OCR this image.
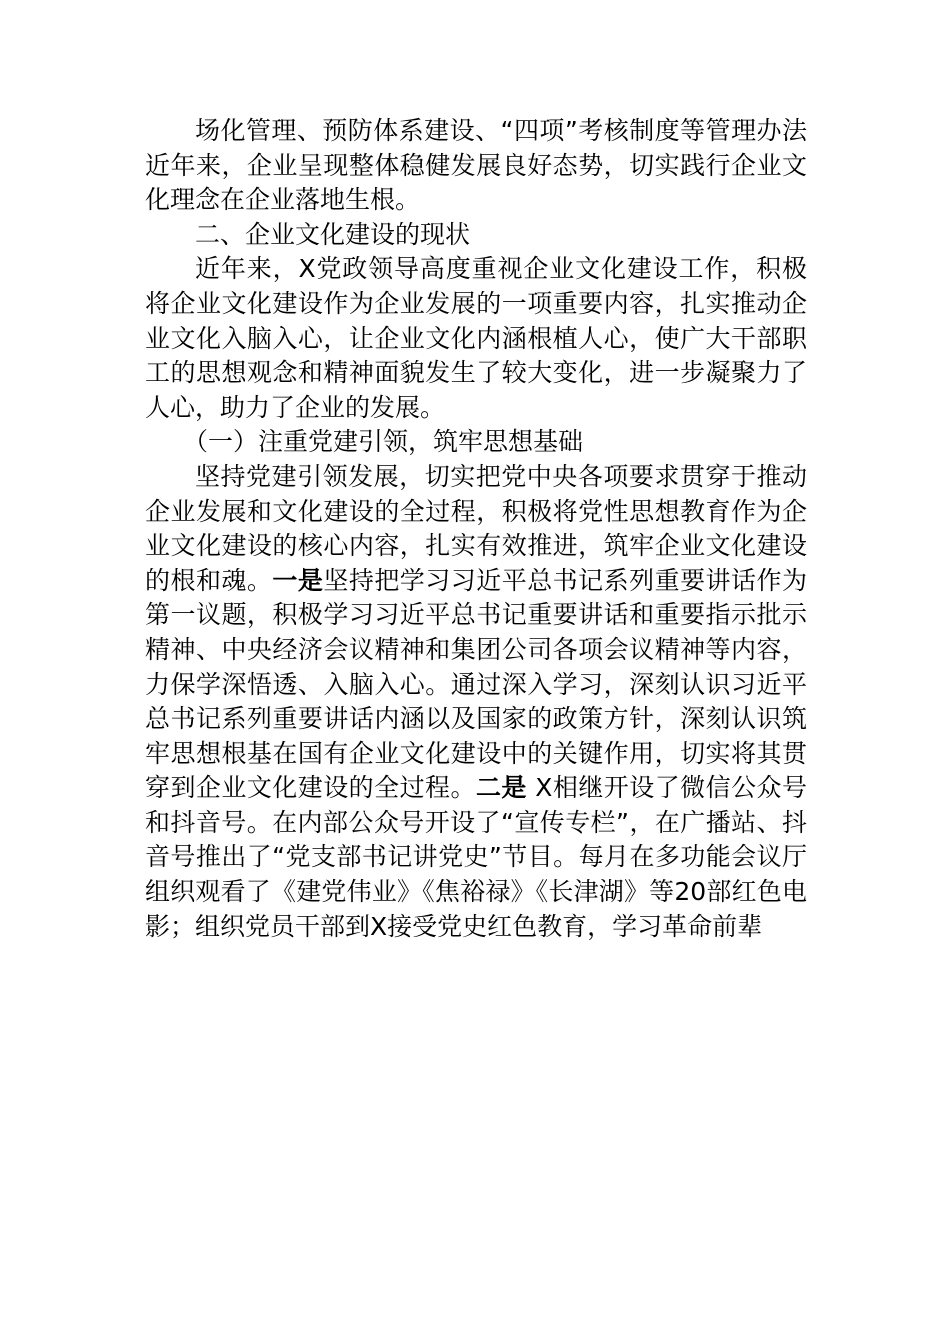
场化管理、预防体系建设、“四项”考核制度等管理办法近年来，企业呈现整体稳健发展良好态势，切实践行企业文化理念在企业落地生根。

二、企业文化建设的现状

近年来，X党政领导高度重视企业文化建设工作，积极将企业文化建设作为企业发展的一项重要内容，扎实推动企业文化入脑入心，让企业文化内涵根植人心，使广大干部职工的思想观念和精神面貌发生了较大变化，进一步凝聚力了人心，助力了企业的发展。

（一）注重党建引领，筑牢思想基础

坚持党建引领发展，切实把党中央各项要求贯穿于推动企业发展和文化建设的全过程，积极将党性思想教育作为企业文化建设的核心内容，扎实有效推进，筑牢企业文化建设的根和魂。一是坚持把学习习近平总书记系列重要讲话作为第一议题，积极学习习近平总书记重要讲话和重要指示批示精神、中央经济会议精神和集团公司各项会议精神等内容，力保学深悟透、入脑入心。通过深入学习，深刻认识习近平总书记系列重要讲话内涵以及国家的政策方针，深刻认识筑牢思想根基在国有企业文化建设中的关键作用，切实将其贯穿到企业文化建设的全过程。二是 X相继开设了微信公众号和抖音号。在内部公众号开设了“宣传专栏”，在广播站、抖音号推出了“党支部书记讲党史”节目。每月在多功能会议厅组织观看了《建党伟业》《焦裕禄》《长津湖》等20部红色电影；组织党员干部到X接受党史红色教育，学习革命前辈
